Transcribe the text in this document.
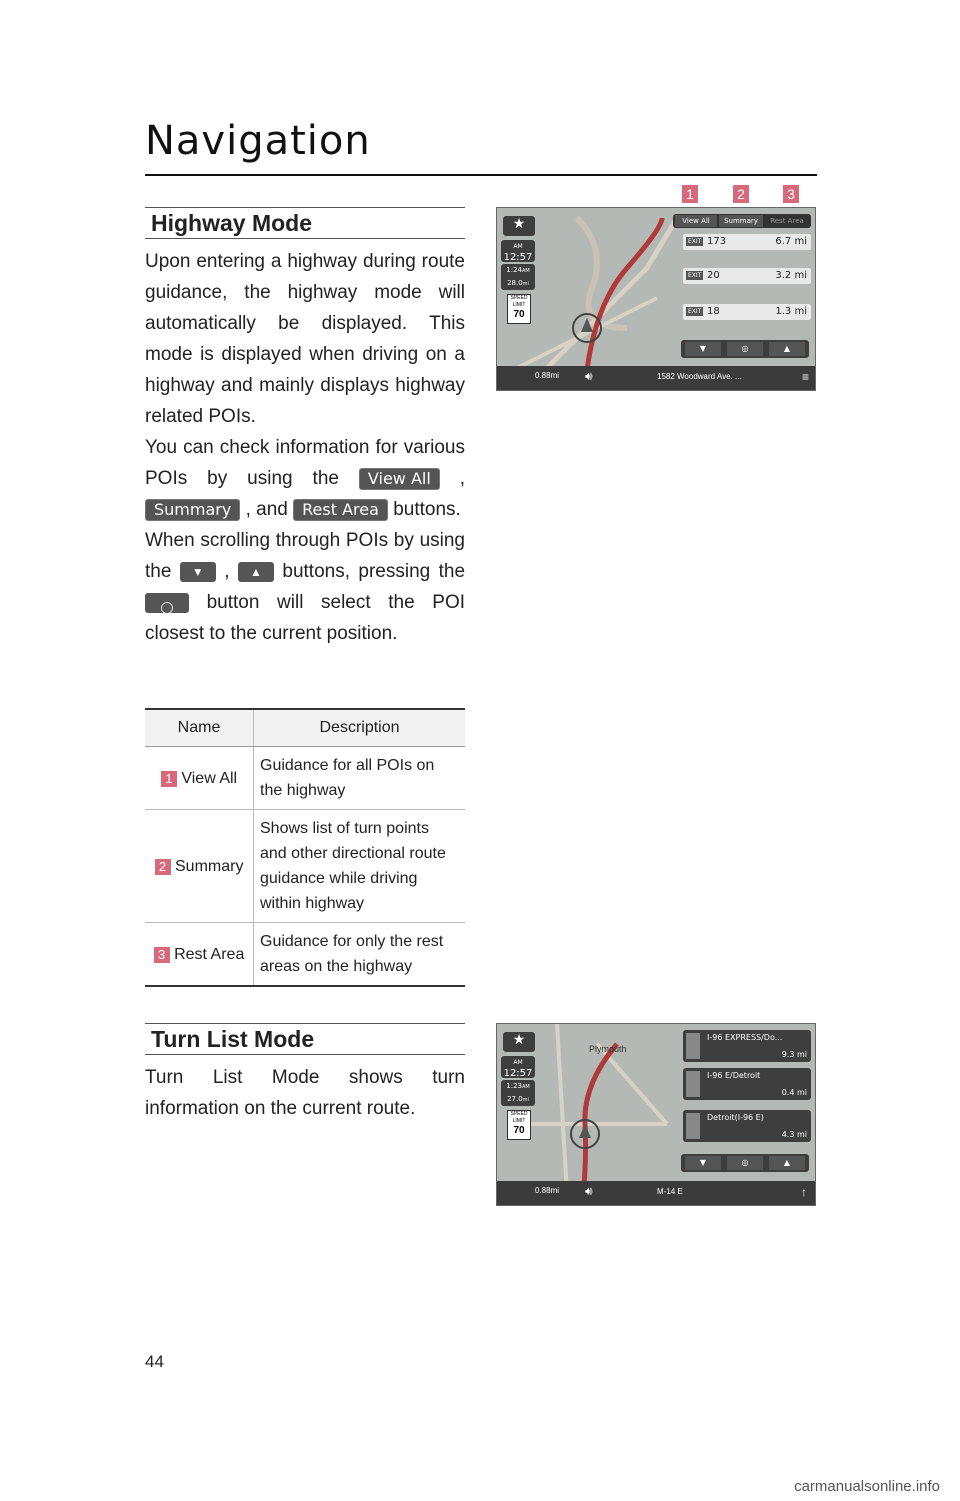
Navigation
Highway Mode

Upon entering a highway during route guidance, the highway mode will automatically be displayed. This mode is displayed when driving on a highway and mainly displays highway related POIs.

You can check information for various POIs by using the View All , Summary , and Rest Area buttons.

When scrolling through POIs by using the ▼ , ▲ buttons, pressing the  button will select the POI closest to the current position.

Name	Description
1 View All	Guidance for all POIs on the highway
2 Summary	Shows list of turn points and other directional route guidance while driving within highway
3 Rest Area	Guidance for only the rest areas on the highway
Turn List Mode

Turn List Mode shows turn information on the current route.

1	2	3
★
AM
12:57
1:24AM
28.0mi
SPEED LIMIT
70
View All	Summary	Rest Area
EXIT 173	6.7 mi
EXIT 20	3.2 mi
EXIT 18	1.3 mi
▼	◎	▲
0.88mi 🔊︎	1582 Woodward Ave. ...	≡
Plymouth
★
AM
12:57
1:23AM
27.0mi
SPEED LIMIT
70
I-96 EXPRESS/Do...
9.3 mi
I-96 E/Detroit
0.4 mi
Detroit(I-96 E)
4.3 mi
▼	◎	▲
0.88mi 🔊︎	M-14 E	↑
44
carmanualsonline.info
